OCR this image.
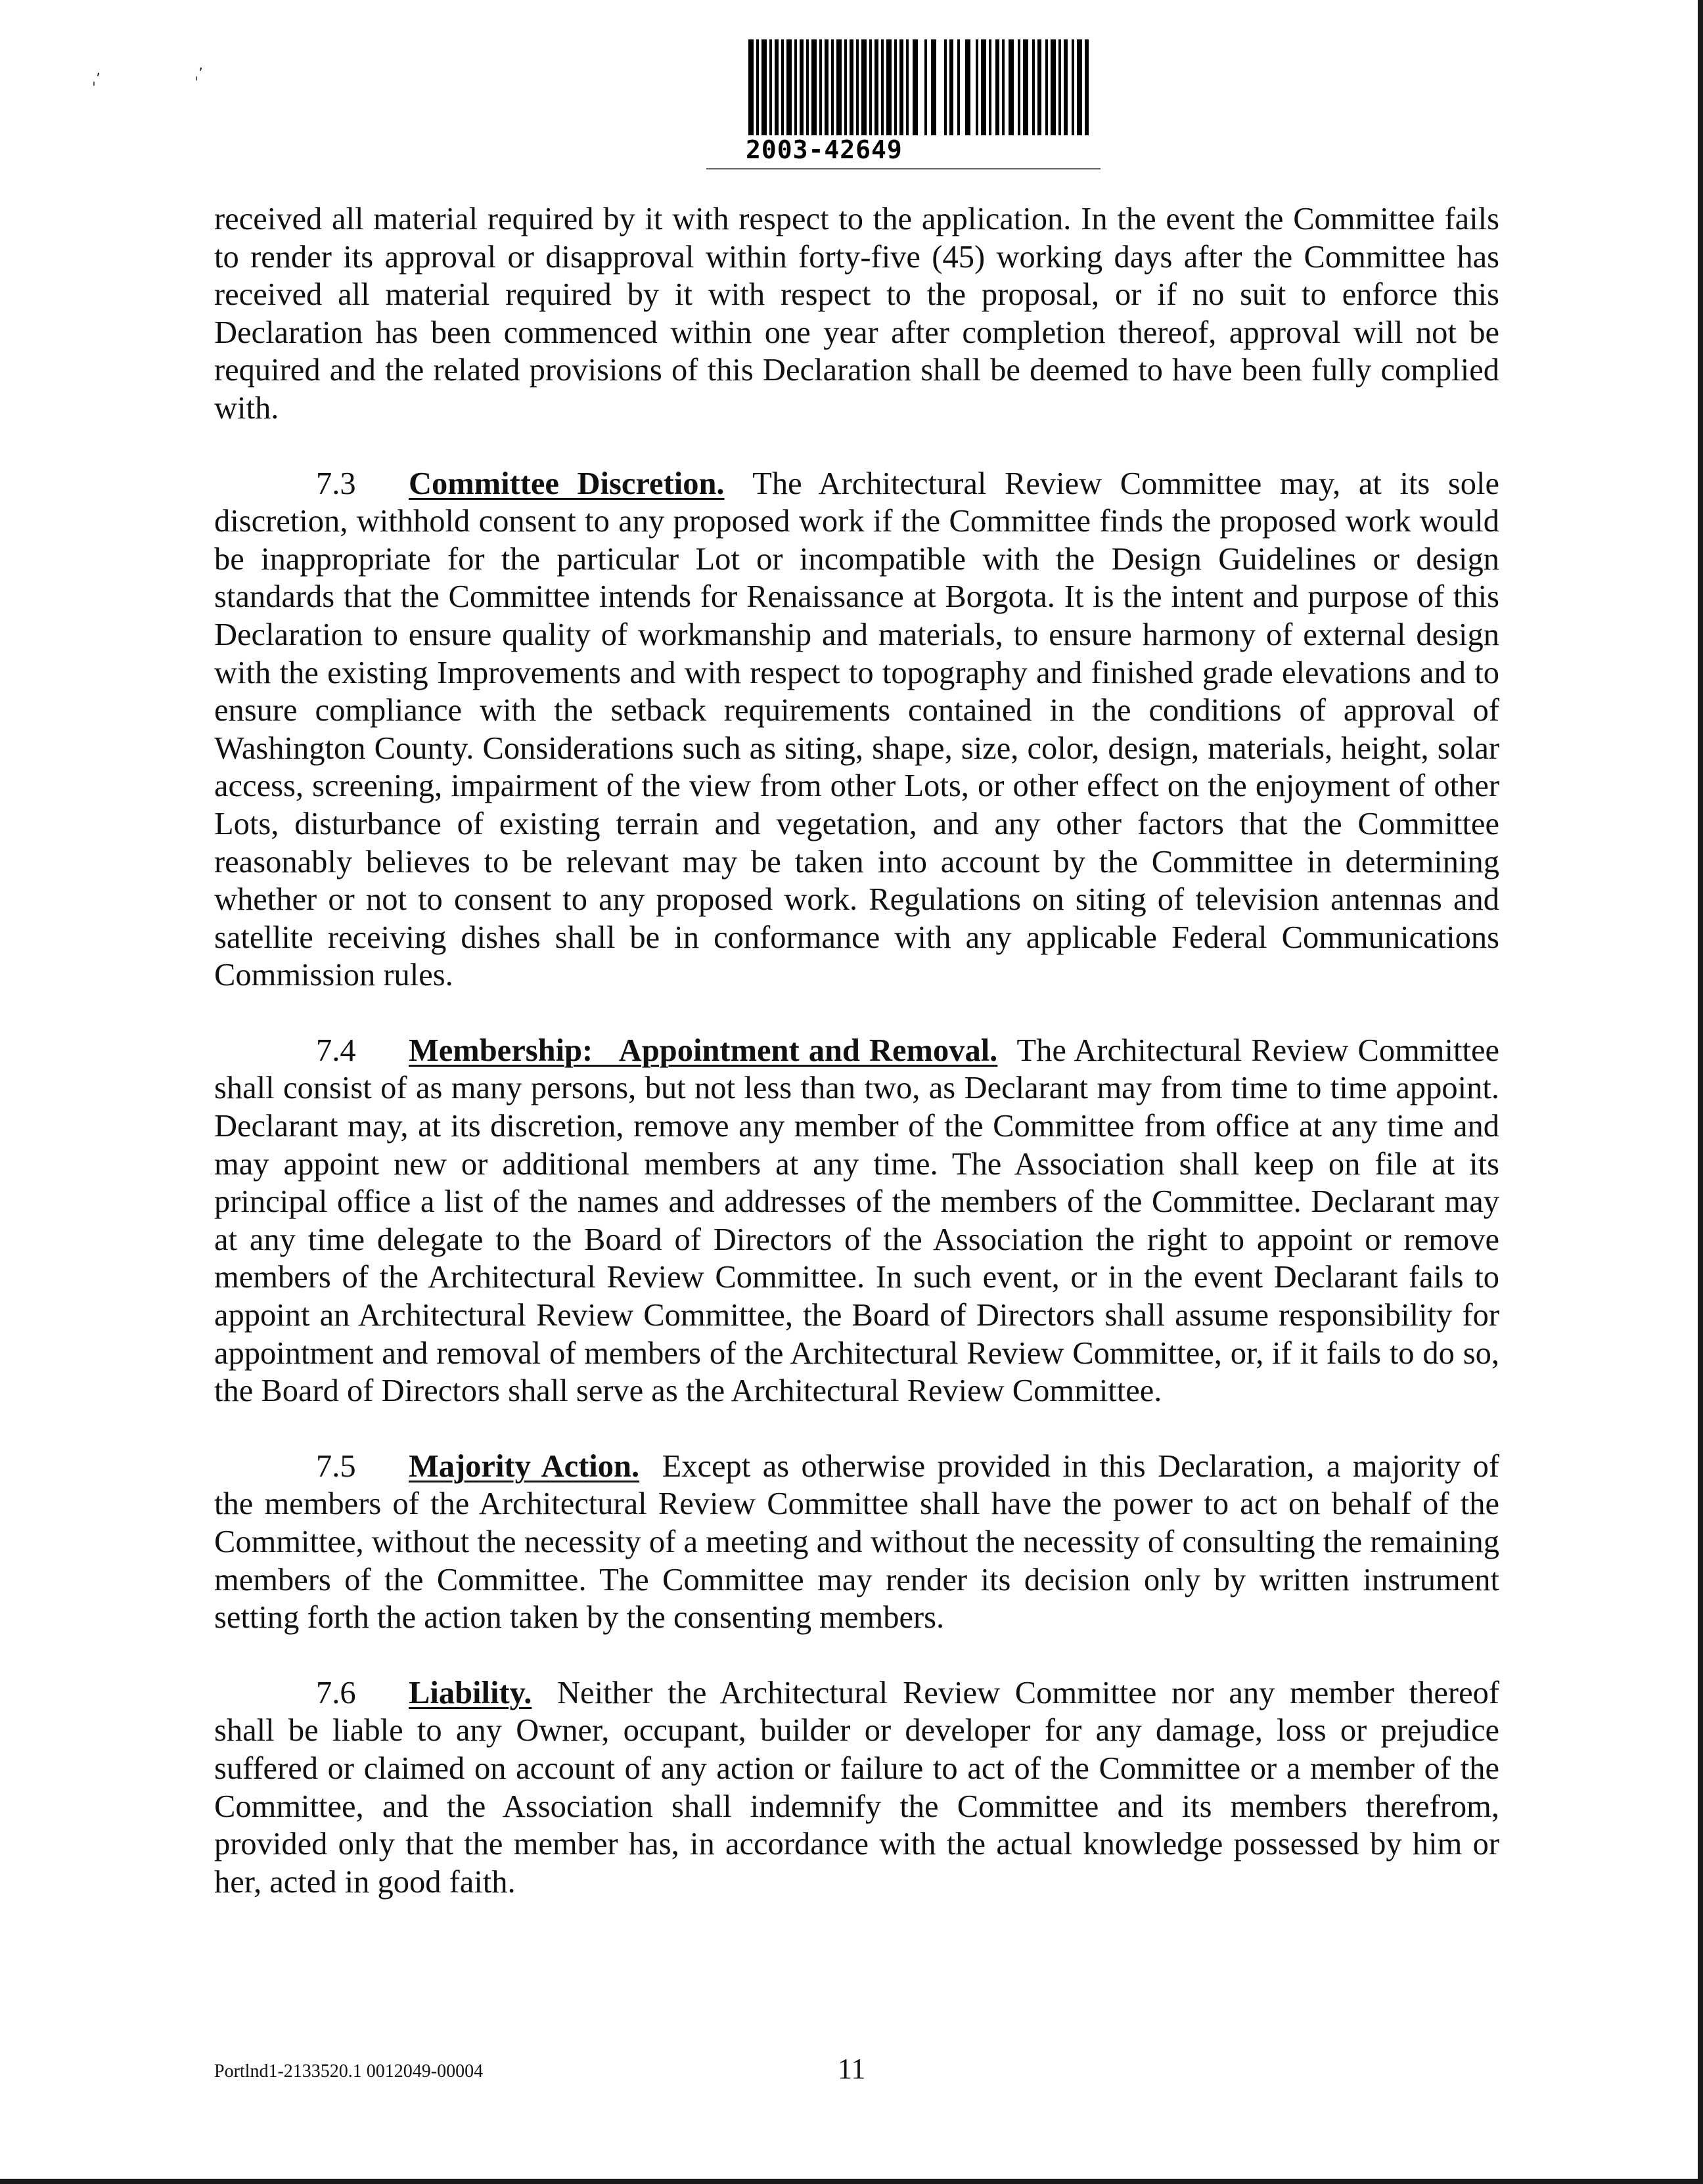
ˌʼ	ˌʼ
2003-42649

received all material required by it with respect to the application. In the event the Committee fails to render its approval or disapproval within forty-five (45) working days after the Committee has received all material required by it with respect to the proposal, or if no suit to enforce this Declaration has been commenced within one year after completion thereof, approval will not be required and the related provisions of this Declaration shall be deemed to have been fully complied with.

7.3 Committee Discretion. The Architectural Review Committee may, at its sole discretion, withhold consent to any proposed work if the Committee finds the proposed work would be inappropriate for the particular Lot or incompatible with the Design Guidelines or design standards that the Committee intends for Renaissance at Borgota. It is the intent and purpose of this Declaration to ensure quality of workmanship and materials, to ensure harmony of external design with the existing Improvements and with respect to topography and finished grade elevations and to ensure compliance with the setback requirements contained in the conditions of approval of Washington County. Considerations such as siting, shape, size, color, design, materials, height, solar access, screening, impairment of the view from other Lots, or other effect on the enjoyment of other Lots, disturbance of existing terrain and vegetation, and any other factors that the Committee reasonably believes to be relevant may be taken into account by the Committee in determining whether or not to consent to any proposed work. Regulations on siting of television antennas and satellite receiving dishes shall be in conformance with any applicable Federal Communications Commission rules.

7.4 Membership:   Appointment and Removal. The Architectural Review Committee shall consist of as many persons, but not less than two, as Declarant may from time to time appoint. Declarant may, at its discretion, remove any member of the Committee from office at any time and may appoint new or additional members at any time. The Association shall keep on file at its principal office a list of the names and addresses of the members of the Committee. Declarant may at any time delegate to the Board of Directors of the Association the right to appoint or remove members of the Architectural Review Committee. In such event, or in the event Declarant fails to appoint an Architectural Review Committee, the Board of Directors shall assume responsibility for appointment and removal of members of the Architectural Review Committee, or, if it fails to do so, the Board of Directors shall serve as the Architectural Review Committee.

7.5 Majority Action. Except as otherwise provided in this Declaration, a majority of the members of the Architectural Review Committee shall have the power to act on behalf of the Committee, without the necessity of a meeting and without the necessity of consulting the remaining members of the Committee. The Committee may render its decision only by written instrument setting forth the action taken by the consenting members.

7.6 Liability. Neither the Architectural Review Committee nor any member thereof shall be liable to any Owner, occupant, builder or developer for any damage, loss or prejudice suffered or claimed on account of any action or failure to act of the Committee or a member of the Committee, and the Association shall indemnify the Committee and its members therefrom, provided only that the member has, in accordance with the actual knowledge possessed by him or her, acted in good faith.

Portlnd1-2133520.1 0012049-00004	11
